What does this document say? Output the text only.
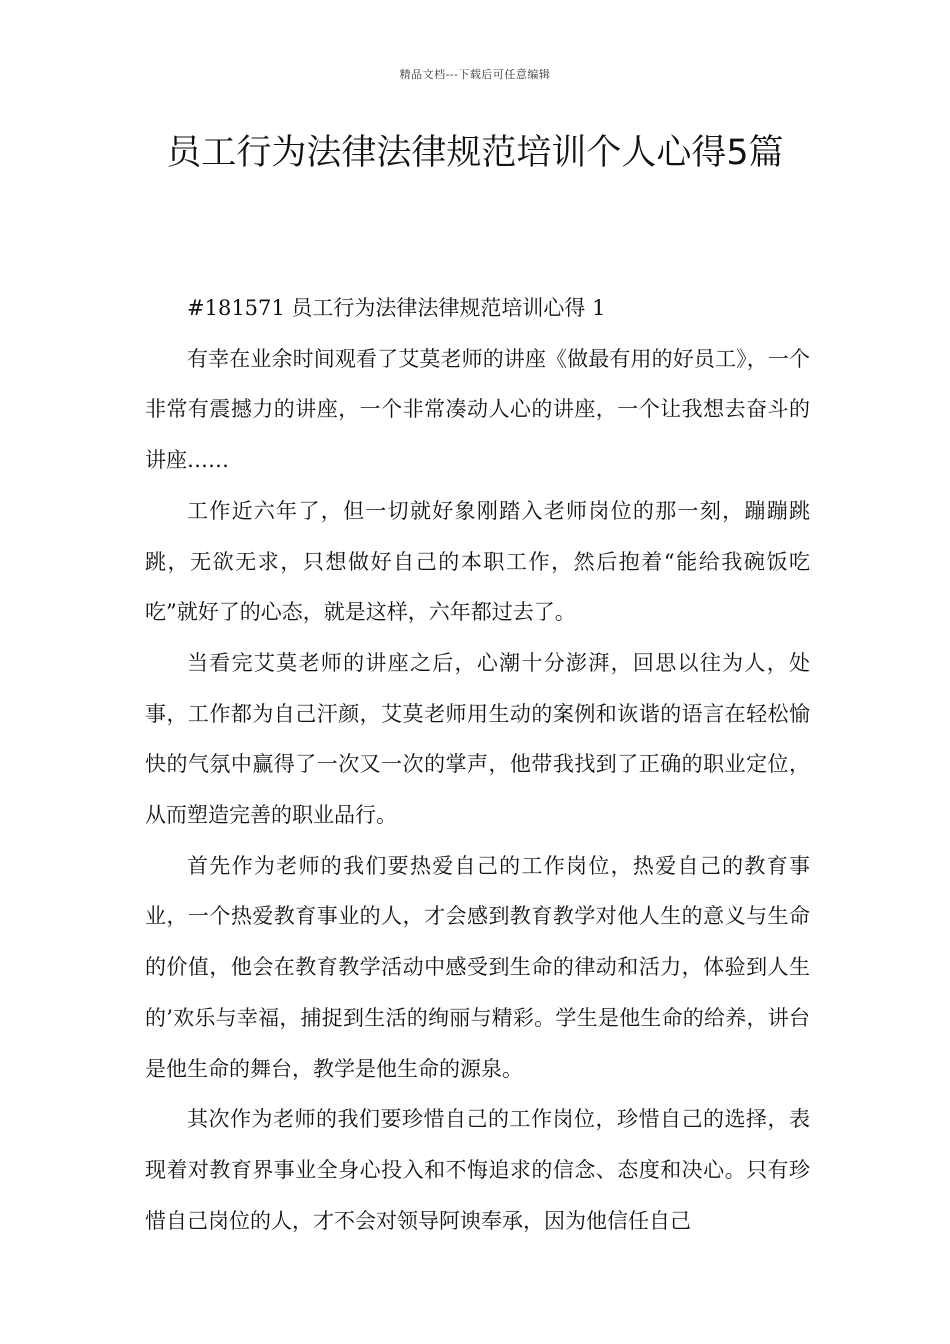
精品文档---下载后可任意编辑
员工行为法律法律规范培训个人心得5篇

#181571 员工行为法律法律规范培训心得 1

有幸在业余时间观看了艾莫老师的讲座《做最有用的好员工》，一个非常有震撼力的讲座，一个非常凑动人心的讲座，一个让我想去奋斗的讲座……

工作近六年了，但一切就好象刚踏入老师岗位的那一刻，蹦蹦跳跳，无欲无求，只想做好自己的本职工作，然后抱着“能给我碗饭吃吃”就好了的心态，就是这样，六年都过去了。

当看完艾莫老师的讲座之后，心潮十分澎湃，回思以往为人，处事，工作都为自己汗颜，艾莫老师用生动的案例和诙谐的语言在轻松愉快的气氛中赢得了一次又一次的掌声，他带我找到了正确的职业定位，从而塑造完善的职业品行。

首先作为老师的我们要热爱自己的工作岗位，热爱自己的教育事业，一个热爱教育事业的人，才会感到教育教学对他人生的意义与生命的价值，他会在教育教学活动中感受到生命的律动和活力，体验到人生的’欢乐与幸福，捕捉到生活的绚丽与精彩。学生是他生命的给养，讲台是他生命的舞台，教学是他生命的源泉。

其次作为老师的我们要珍惜自己的工作岗位，珍惜自己的选择，表现着对教育界事业全身心投入和不悔追求的信念、态度和决心。只有珍惜自己岗位的人，才不会对领导阿谀奉承，因为他信任自己
